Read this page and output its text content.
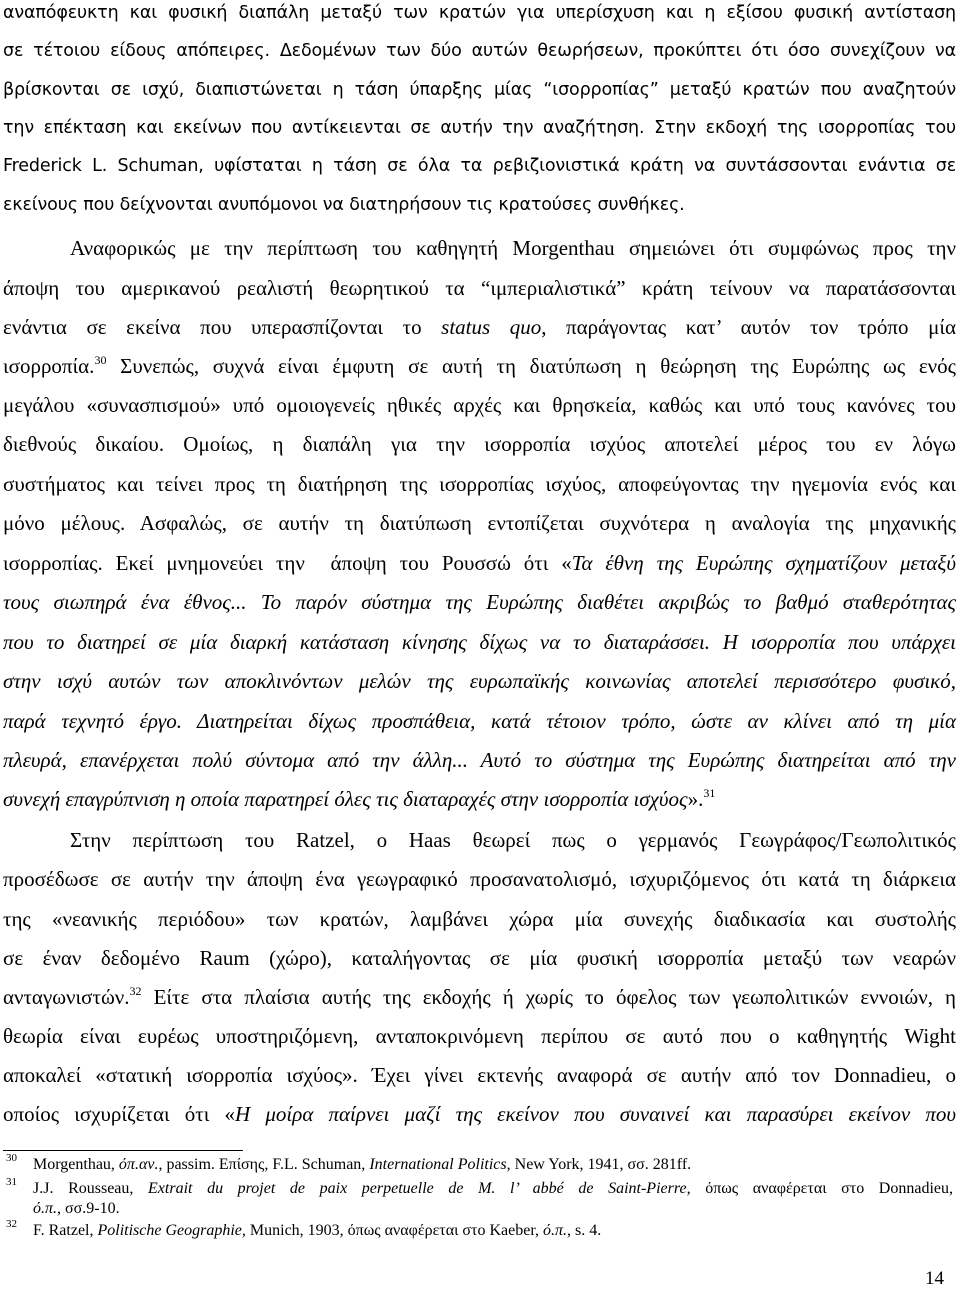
αναπόφευκτη και φυσική διαπάλη μεταξύ των κρατών για υπερίσχυση και η εξίσου φυσική αντίσταση
σε τέτοιου είδους απόπειρες. Δεδομένων των δύο αυτών θεωρήσεων, προκύπτει ότι όσο συνεχίζουν να
βρίσκονται σε ισχύ, διαπιστώνεται η τάση ύπαρξης μίας “ισορροπίας” μεταξύ κρατών που αναζητούν
την επέκταση και εκείνων που αντίκειενται σε αυτήν την αναζήτηση. Στην εκδοχή της ισορροπίας του
Frederick L. Schuman, υφίσταται η τάση σε όλα τα ρεβιζιονιστικά κράτη να συντάσσονται ενάντια σε
εκείνους που δείχνονται ανυπόμονοι να διατηρήσουν τις κρατούσες συνθήκες.
Αναφορικώς με την περίπτωση του καθηγητή Morgenthau σημειώνει ότι συμφώνως προς την
άποψη του αμερικανού ρεαλιστή θεωρητικού τα “ιμπεριαλιστικά” κράτη τείνουν να παρατάσσονται
ενάντια σε εκείνα που υπερασπίζονται το status quo, παράγοντας κατ’ αυτόν τον τρόπο μία
ισορροπία.$^{30}$ Συνεπώς, συχνά είναι έμφυτη σε αυτή τη διατύπωση η θεώρηση της Ευρώπης ως ενός
μεγάλου «συνασπισμού» υπό ομοιογενείς ηθικές αρχές και θρησκεία, καθώς και υπό τους κανόνες του
διεθνούς δικαίου. Ομοίως, η διαπάλη για την ισορροπία ισχύος αποτελεί μέρος του εν λόγω
συστήματος και τείνει προς τη διατήρηση της ισορροπίας ισχύος, αποφεύγοντας την ηγεμονία ενός και
μόνο μέλους. Ασφαλώς, σε αυτήν τη διατύπωση εντοπίζεται συχνότερα η αναλογία της μηχανικής
ισορροπίας. Εκεί μνημονεύει την  άποψη του Ρουσσώ ότι «Τα έθνη της Ευρώπης σχηματίζουν μεταξύ
τους σιωπηρά ένα έθνος... Το παρόν σύστημα της Ευρώπης διαθέτει ακριβώς το βαθμό σταθερότητας
που το διατηρεί σε μία διαρκή κατάσταση κίνησης δίχως να το διαταράσσει. Η ισορροπία που υπάρχει
στην ισχύ αυτών των αποκλινόντων μελών της ευρωπαϊκής κοινωνίας αποτελεί περισσότερο φυσικό,
παρά τεχνητό έργο. Διατηρείται δίχως προσπάθεια, κατά τέτοιον τρόπο, ώστε αν κλίνει από τη μία
πλευρά, επανέρχεται πολύ σύντομα από την άλλη... Αυτό το σύστημα της Ευρώπης διατηρείται από την
συνεχή επαγρύπνιση η οποία παρατηρεί όλες τις διαταραχές στην ισορροπία ισχύος».$^{31}$
Στην περίπτωση του Ratzel, ο Haas θεωρεί πως ο γερμανός Γεωγράφος/Γεωπολιτικός
προσέδωσε σε αυτήν την άποψη ένα γεωγραφικό προσανατολισμό, ισχυριζόμενος ότι κατά τη διάρκεια
της «νεανικής περιόδου» των κρατών, λαμβάνει χώρα μία συνεχής διαδικασία και συστολής
σε έναν δεδομένο Raum (χώρο), καταλήγοντας σε μία φυσική ισορροπία μεταξύ των νεαρών
ανταγωνιστών.$^{32}$ Είτε στα πλαίσια αυτής της εκδοχής ή χωρίς το όφελος των γεωπολιτικών εννοιών, η
θεωρία είναι ευρέως υποστηριζόμενη, ανταποκρινόμενη περίπου σε αυτό που ο καθηγητής Wight
αποκαλεί «στατική ισορροπία ισχύος». Έχει γίνει εκτενής αναφορά σε αυτήν από τον Donnadieu, ο
οποίος ισχυρίζεται ότι «Η μοίρα παίρνει μαζί της εκείνον που συναινεί και παρασύρει εκείνον που
30 Morgenthau, όπ.αν., passim. Επίσης, F.L. Schuman, International Politics, New York, 1941, σσ. 281ff.
31 J.J. Rousseau, Extrait du projet de paix perpetuelle de M. l’ abbé de Saint-Pierre, όπως αναφέρεται στο Donnadieu,
ό.π., σσ.9-10.
32 F. Ratzel, Politische Geographie, Munich, 1903, όπως αναφέρεται στο Kaeber, ό.π., s. 4.
14
